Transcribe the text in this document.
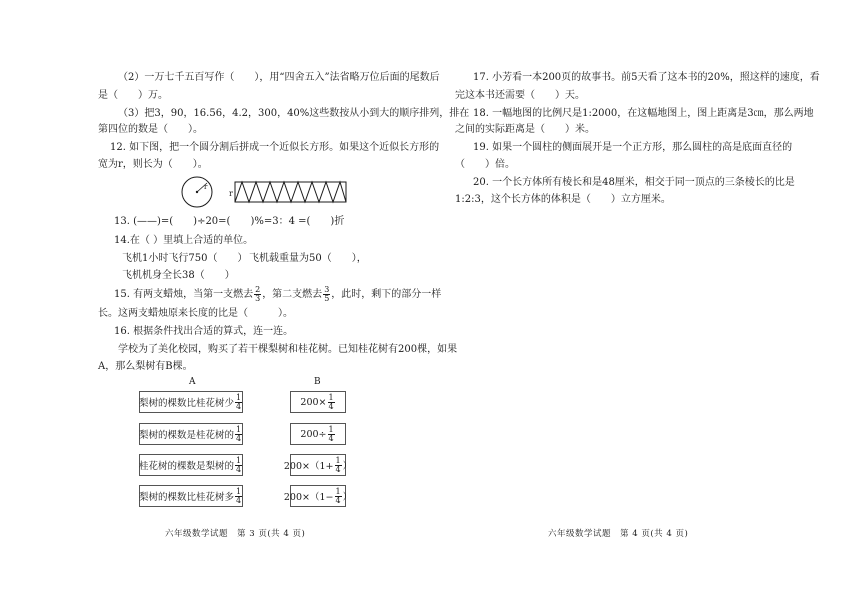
（2）一万七千五百写作（　　），用“四舍五入”法省略万位后面的尾数后
是（　　）万。
（3）把3，90，16.56，4.2，300，40%这些数按从小到大的顺序排列，排在
第四位的数是（　　）。
12. 如下图，把一个圆分割后拼成一个近似长方形。如果这个近似长方形的
宽为r，则长为（　　）。
r
r
13. (——)=(　　)÷20=(　　)%=3：4 =(　　)折
14.在（ ）里填上合适的单位。
飞机1小时飞行750（　　） 飞机载重量为50（　　），
飞机机身全长38（　　）
15. 有两支蜡烛，当第一支燃去 $\frac{2}{3}$ ，第二支燃去 $\frac{3}{5}$ ，此时，剩下的部分一样
长。这两支蜡烛原来长度的比是（　　　）。
16. 根据条件找出合适的算式，连一连。
学校为了美化校园，购买了若干棵梨树和桂花树。已知桂花树有200棵，如果
A，那么梨树有B棵。
A	B
梨树的棵数比桂花树少 $\frac{1}{4}$
梨树的棵数是桂花树的 $\frac{1}{4}$
桂花树的棵数是梨树的 $\frac{1}{4}$
梨树的棵数比桂花树多 $\frac{1}{4}$
$200\times \frac{1}{4}$
$200\div \frac{1}{4}$
$200\times(1+ \frac{1}{4}$ ）
$200\times(1- \frac{1}{4}$ ）
六年级数学试题　第 3 页(共 4 页)
17. 小芳看一本200页的故事书。前5天看了这本书的20%，照这样的速度，看
完这本书还需要（　　）天。
18. 一幅地图的比例尺是1:2000，在这幅地图上，图上距离是3㎝，那么两地
之间的实际距离是（　　）米。
19. 如果一个圆柱的侧面展开是一个正方形，那么圆柱的高是底面直径的
（　　）倍。
20. 一个长方体所有棱长和是48厘米，相交于同一顶点的三条棱长的比是
1:2:3，这个长方体的体积是（　　）立方厘米。
六年级数学试题　第 4 页(共 4 页)
